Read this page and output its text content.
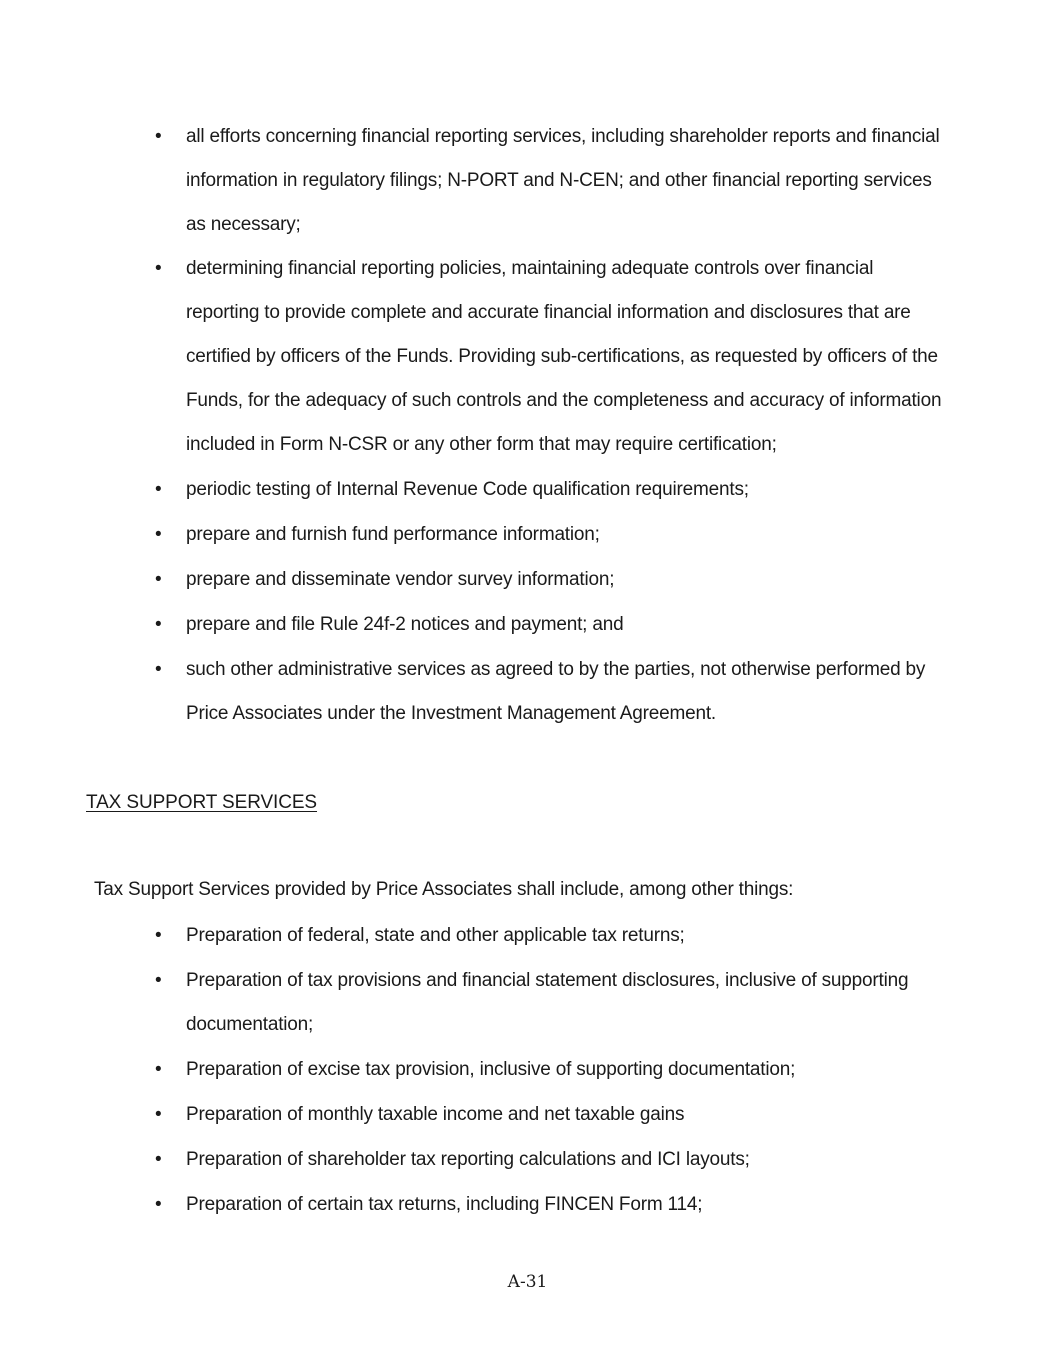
• all efforts concerning financial reporting services, including shareholder reports and financial information in regulatory filings; N-PORT and N-CEN; and other financial reporting services as necessary;
• determining financial reporting policies, maintaining adequate controls over financial reporting to provide complete and accurate financial information and disclosures that are certified by officers of the Funds. Providing sub-certifications, as requested by officers of the Funds, for the adequacy of such controls and the completeness and accuracy of information included in Form N-CSR or any other form that may require certification;
• periodic testing of Internal Revenue Code qualification requirements;
• prepare and furnish fund performance information;
• prepare and disseminate vendor survey information;
• prepare and file Rule 24f-2 notices and payment; and
• such other administrative services as agreed to by the parties, not otherwise performed by Price Associates under the Investment Management Agreement.
TAX SUPPORT SERVICES
Tax Support Services provided by Price Associates shall include, among other things:
• Preparation of federal, state and other applicable tax returns;
• Preparation of tax provisions and financial statement disclosures, inclusive of supporting documentation;
• Preparation of excise tax provision, inclusive of supporting documentation;
• Preparation of monthly taxable income and net taxable gains
• Preparation of shareholder tax reporting calculations and ICI layouts;
• Preparation of certain tax returns, including FINCEN Form 114;
A-31
